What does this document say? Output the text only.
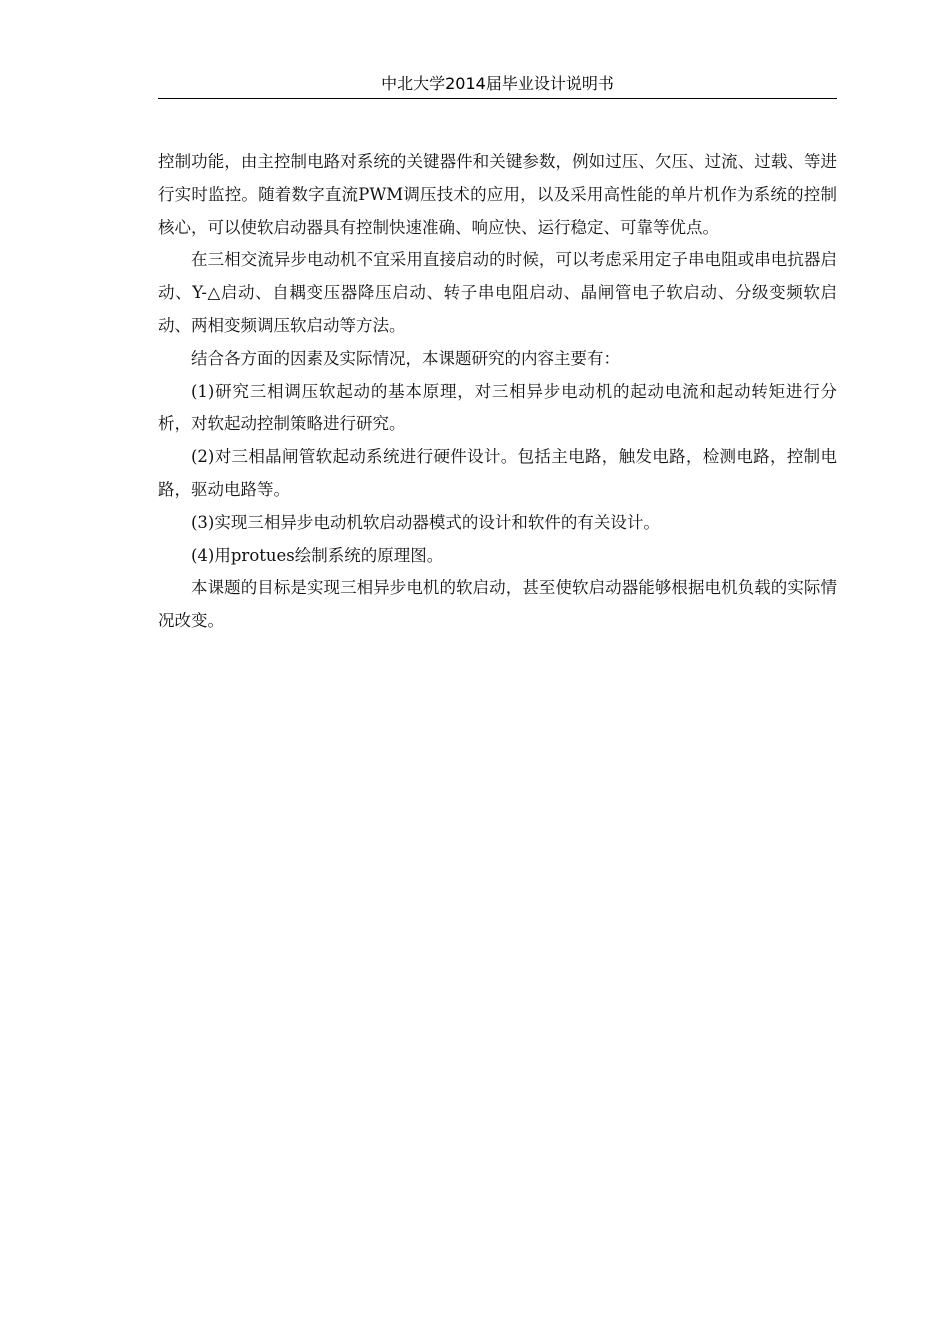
中北大学2014届毕业设计说明书

控制功能，由主控制电路对系统的关键器件和关键参数，例如过压、欠压、过流、过载、等进行实时监控。随着数字直流PWM调压技术的应用，以及采用高性能的单片机作为系统的控制核心，可以使软启动器具有控制快速准确、响应快、运行稳定、可靠等优点。

在三相交流异步电动机不宜采用直接启动的时候，可以考虑采用定子串电阻或串电抗器启动、Y-△启动、自耦变压器降压启动、转子串电阻启动、晶闸管电子软启动、分级变频软启动、两相变频调压软启动等方法。

结合各方面的因素及实际情况，本课题研究的内容主要有：

(1)研究三相调压软起动的基本原理，对三相异步电动机的起动电流和起动转矩进行分析，对软起动控制策略进行研究。

(2)对三相晶闸管软起动系统进行硬件设计。包括主电路，触发电路，检测电路，控制电路，驱动电路等。

(3)实现三相异步电动机软启动器模式的设计和软件的有关设计。

(4)用protues绘制系统的原理图。

本课题的目标是实现三相异步电机的软启动，甚至使软启动器能够根据电机负载的实际情况改变。
